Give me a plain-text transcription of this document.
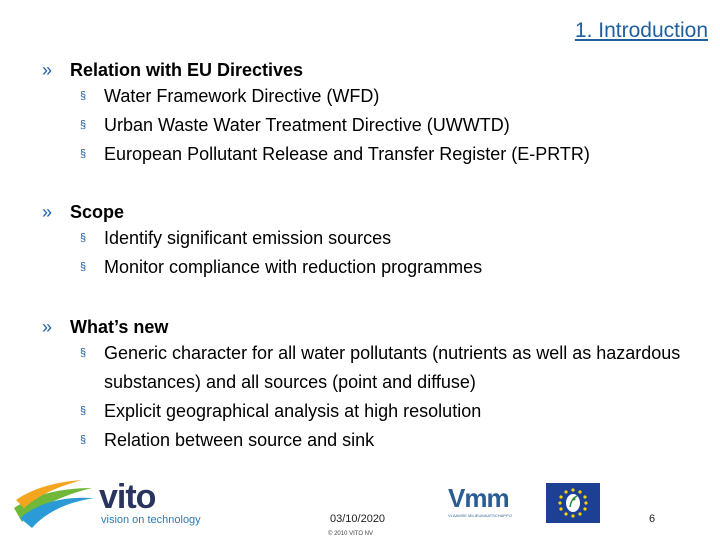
1. Introduction
» Relation with EU Directives
§ Water Framework Directive (WFD)
§ Urban Waste Water Treatment Directive (UWWTD)
§ European Pollutant Release and Transfer Register (E-PRTR)
» Scope
§ Identify significant emission sources
§ Monitor compliance with reduction programmes
» What’s new
§ Generic character for all water pollutants (nutrients as well as hazardous substances) and all sources (point and diffuse)
§ Explicit geographical analysis at high resolution
§ Relation between source and sink
vito
vision on technology	03/10/2020
© 2010 VITO NV
Vmm
VLAAMSE MILIEUMAATSCHAPPIJ	6
